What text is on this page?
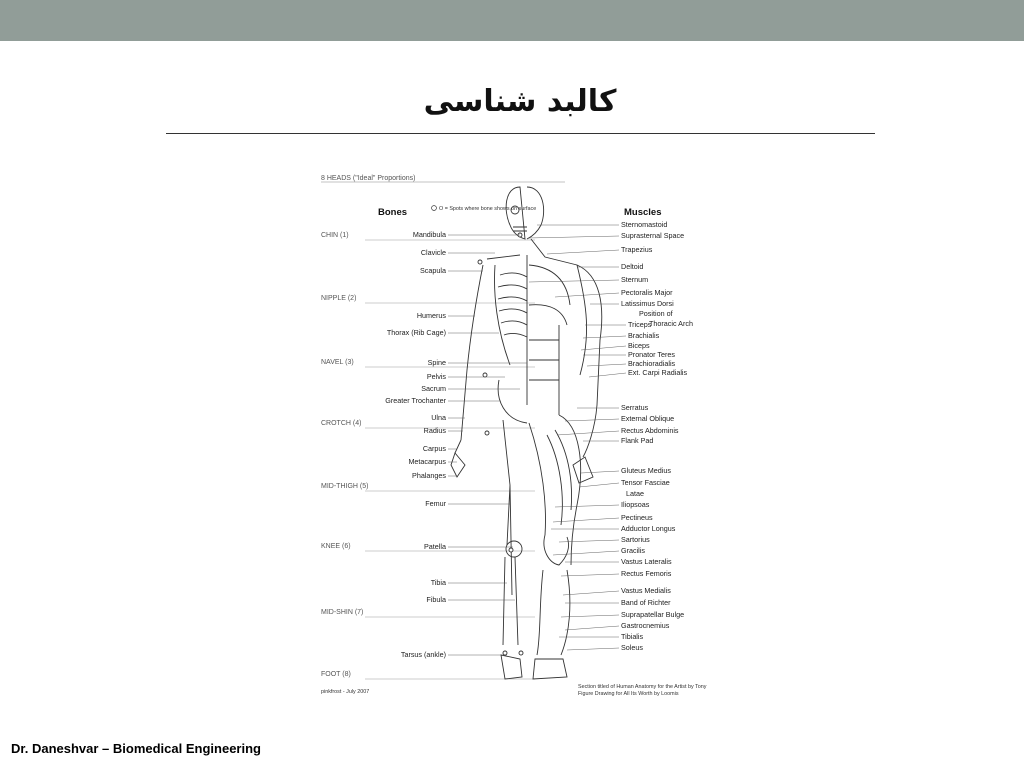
کالبد شناسی
8 HEADS ("Ideal" Proportions)
Bones	O = Spots where bone shows on surface	Muscles
CHIN (1)
NIPPLE (2)
NAVEL (3)
CROTCH (4)
MID-THIGH (5)
KNEE (6)
MID-SHIN (7)
FOOT (8)
Mandibula
Clavicle
Scapula
Humerus
Thorax (Rib Cage)
Spine
Pelvis
Sacrum
Greater Trochanter
Ulna
Radius
Carpus
Metacarpus
Phalanges
Femur
Patella
Tibia
Fibula
Tarsus (ankle)
Sternomastoid
Suprasternal Space
Trapezius
Deltoid
Sternum
Pectoralis Major
Latissimus Dorsi
Position of
Thoracic Arch
Triceps
Brachialis
Biceps
Pronator Teres
Brachioradialis
Ext. Carpi Radialis
Serratus
External Oblique
Rectus Abdominis
Flank Pad
Gluteus Medius
Tensor Fasciae
Latae
Iliopsoas
Pectineus
Adductor Longus
Sartorius
Gracilis
Vastus Lateralis
Rectus Femoris
Vastus Medialis
Band of Richter
Suprapatellar Bulge
Gastrocnemius
Tibialis
Soleus
pinkfrost - July 2007
Section titled of Human Anatomy for the Artist by Tony
Figure Drawing for All Its Worth by Loomis
Dr. Daneshvar – Biomedical Engineering
